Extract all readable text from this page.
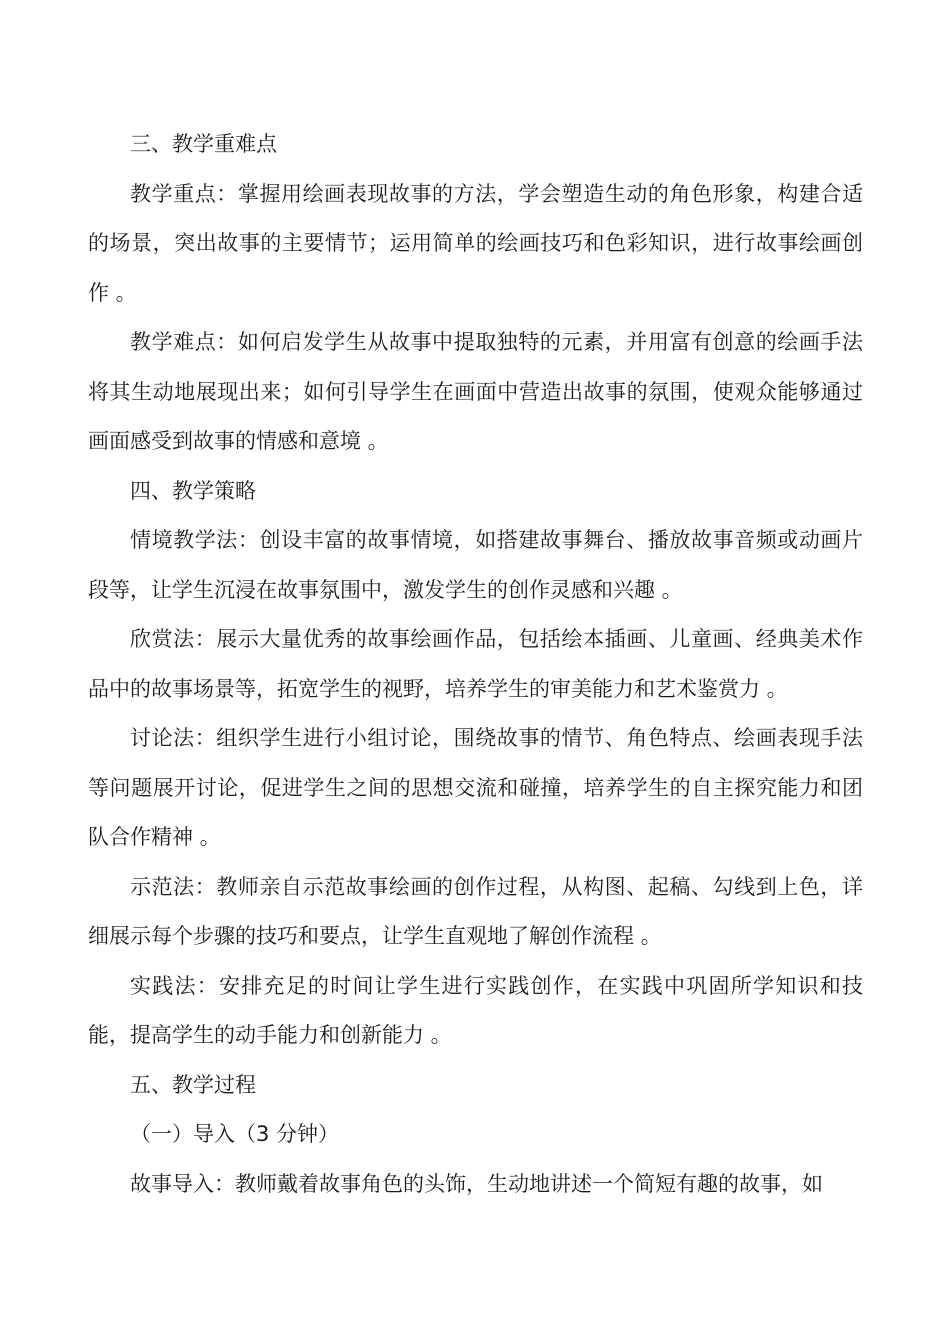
三、教学重难点

教学重点：掌握用绘画表现故事的方法，学会塑造生动的角色形象，构建合适的场景，突出故事的主要情节；运用简单的绘画技巧和色彩知识，进行故事绘画创作 。

教学难点：如何启发学生从故事中提取独特的元素，并用富有创意的绘画手法将其生动地展现出来；如何引导学生在画面中营造出故事的氛围，使观众能够通过画面感受到故事的情感和意境 。

四、教学策略

情境教学法：创设丰富的故事情境，如搭建故事舞台、播放故事音频或动画片段等，让学生沉浸在故事氛围中，激发学生的创作灵感和兴趣 。

欣赏法：展示大量优秀的故事绘画作品，包括绘本插画、儿童画、经典美术作品中的故事场景等，拓宽学生的视野，培养学生的审美能力和艺术鉴赏力 。

讨论法：组织学生进行小组讨论，围绕故事的情节、角色特点、绘画表现手法等问题展开讨论，促进学生之间的思想交流和碰撞，培养学生的自主探究能力和团队合作精神 。

示范法：教师亲自示范故事绘画的创作过程，从构图、起稿、勾线到上色，详细展示每个步骤的技巧和要点，让学生直观地了解创作流程 。

实践法：安排充足的时间让学生进行实践创作，在实践中巩固所学知识和技能，提高学生的动手能力和创新能力 。

五、教学过程

（一）导入（3 分钟）

故事导入：教师戴着故事角色的头饰，生动地讲述一个简短有趣的故事，如
